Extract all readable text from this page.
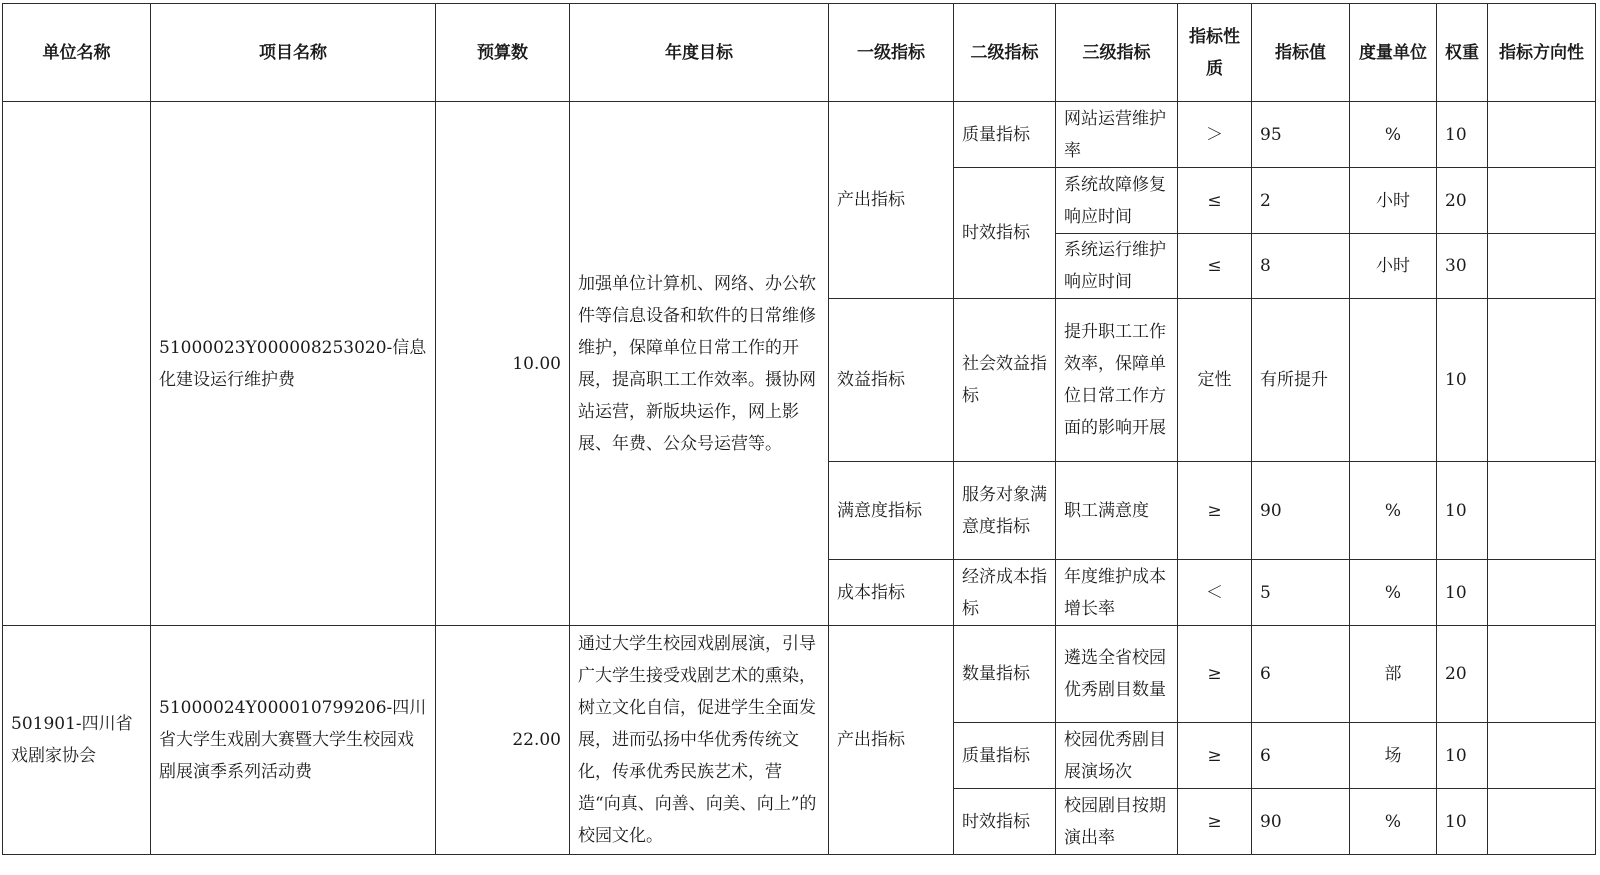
单位名称	项目名称	预算数	年度目标	一级指标	二级指标	三级指标	指标性质	指标值	度量单位	权重	指标方向性
	51000023Y000008253020-信息化建设运行维护费	10.00	加强单位计算机、网络、办公软件等信息设备和软件的日常维修维护，保障单位日常工作的开展，提高职工工作效率。摄协网站运营，新版块运作，网上影展、年费、公众号运营等。	产出指标	质量指标	网站运营维护率	＞	95	%	10	
					时效指标	系统故障修复响应时间	≤	2	小时	20	
						系统运行维护响应时间	≤	8	小时	30	
				效益指标	社会效益指标	提升职工工作效率，保障单位日常工作方面的影响开展	定性	有所提升		10	
				满意度指标	服务对象满意度指标	职工满意度	≥	90	%	10	
				成本指标	经济成本指标	年度维护成本增长率	＜	5	%	10	
501901-四川省戏剧家协会	51000024Y000010799206-四川省大学生戏剧大赛暨大学生校园戏剧展演季系列活动费	22.00	通过大学生校园戏剧展演，引导广大学生接受戏剧艺术的熏染，树立文化自信，促进学生全面发展，进而弘扬中华优秀传统文化，传承优秀民族艺术，营造“向真、向善、向美、向上”的校园文化。	产出指标	数量指标	遴选全省校园优秀剧目数量	≥	6	部	20	
					质量指标	校园优秀剧目展演场次	≥	6	场	10	
					时效指标	校园剧目按期演出率	≥	90	%	10	
